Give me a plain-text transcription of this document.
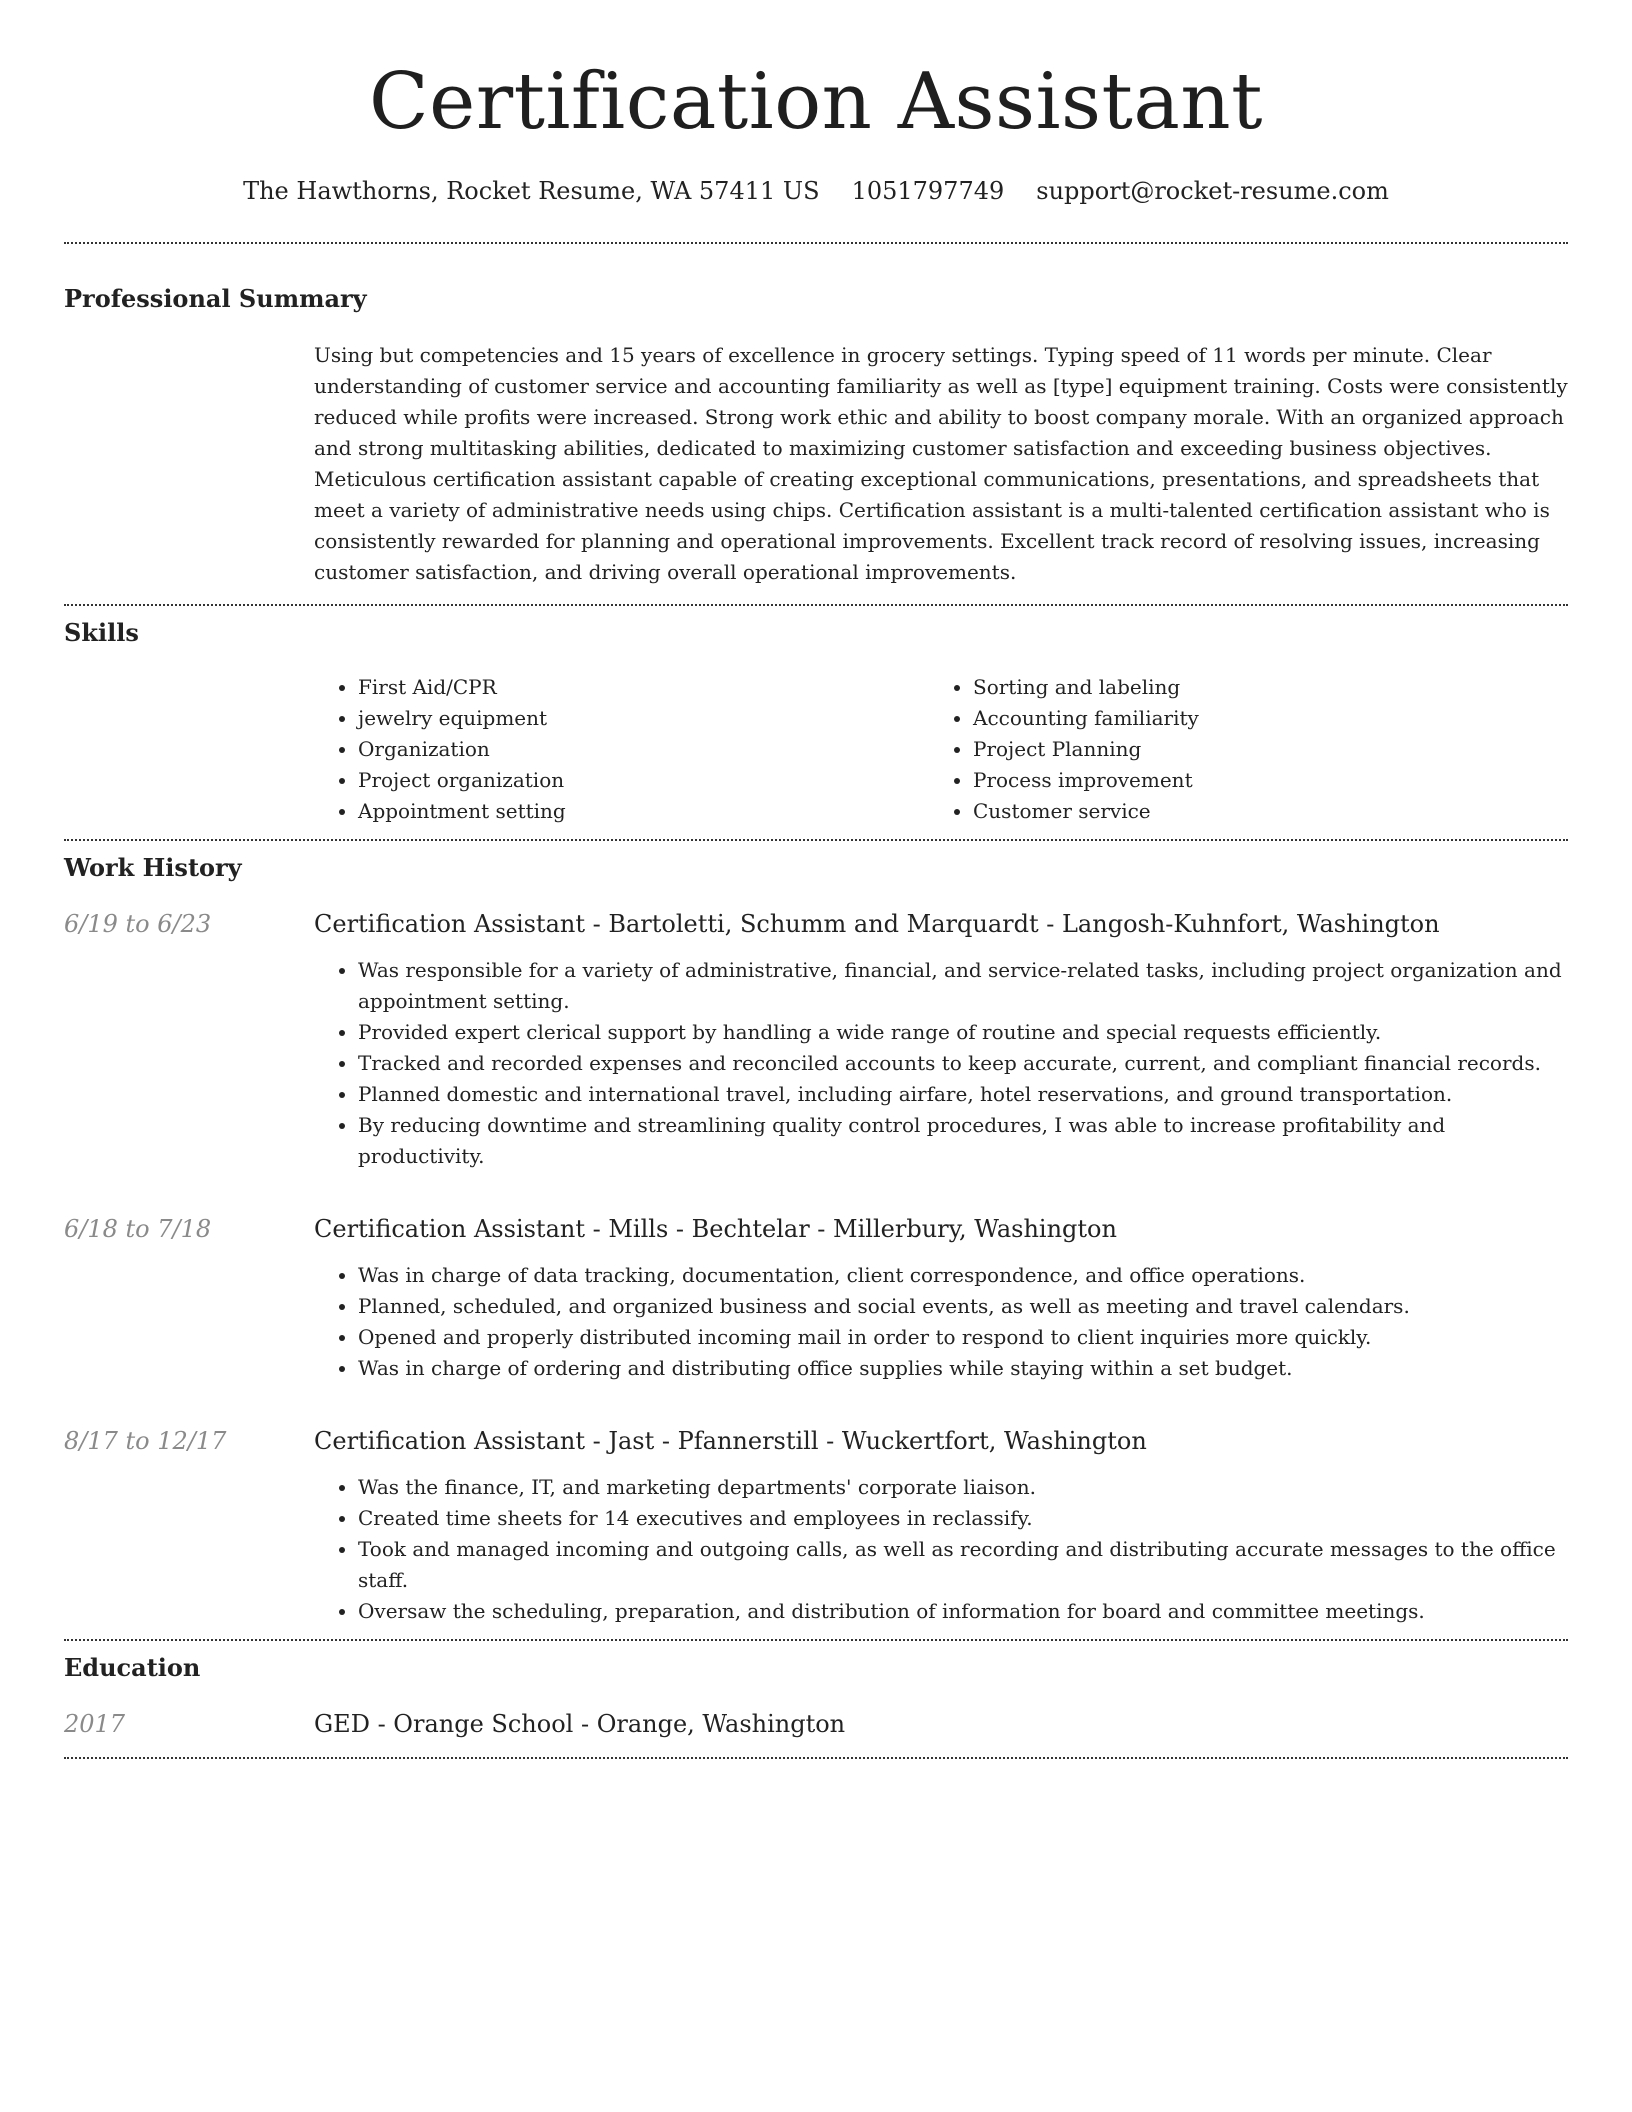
Certification Assistant
The Hawthorns, Rocket Resume, WA 57411 US 1051797749 support@rocket-resume.com
Professional Summary
Using but competencies and 15 years of excellence in grocery settings. Typing speed of 11 words per minute. Clear understanding of customer service and accounting familiarity as well as [type] equipment training. Costs were consistently reduced while profits were increased. Strong work ethic and ability to boost company morale. With an organized approach and strong multitasking abilities, dedicated to maximizing customer satisfaction and exceeding business objectives. Meticulous certification assistant capable of creating exceptional communications, presentations, and spreadsheets that meet a variety of administrative needs using chips. Certification assistant is a multi-talented certification assistant who is consistently rewarded for planning and operational improvements. Excellent track record of resolving issues, increasing customer satisfaction, and driving overall operational improvements.
Skills
• First Aid/CPR
• jewelry equipment
• Organization
• Project organization
• Appointment setting
• Sorting and labeling
• Accounting familiarity
• Project Planning
• Process improvement
• Customer service
Work History
6/19 to 6/23	Certification Assistant - Bartoletti, Schumm and Marquardt - Langosh-Kuhnfort, Washington
• Was responsible for a variety of administrative, financial, and service-related tasks, including project organization and appointment setting.
• Provided expert clerical support by handling a wide range of routine and special requests efficiently.
• Tracked and recorded expenses and reconciled accounts to keep accurate, current, and compliant financial records.
• Planned domestic and international travel, including airfare, hotel reservations, and ground transportation.
• By reducing downtime and streamlining quality control procedures, I was able to increase profitability and productivity.
6/18 to 7/18	Certification Assistant - Mills - Bechtelar - Millerbury, Washington
• Was in charge of data tracking, documentation, client correspondence, and office operations.
• Planned, scheduled, and organized business and social events, as well as meeting and travel calendars.
• Opened and properly distributed incoming mail in order to respond to client inquiries more quickly.
• Was in charge of ordering and distributing office supplies while staying within a set budget.
8/17 to 12/17	Certification Assistant - Jast - Pfannerstill - Wuckertfort, Washington
• Was the finance, IT, and marketing departments' corporate liaison.
• Created time sheets for 14 executives and employees in reclassify.
• Took and managed incoming and outgoing calls, as well as recording and distributing accurate messages to the office staff.
• Oversaw the scheduling, preparation, and distribution of information for board and committee meetings.
Education
2017	GED - Orange School - Orange, Washington
